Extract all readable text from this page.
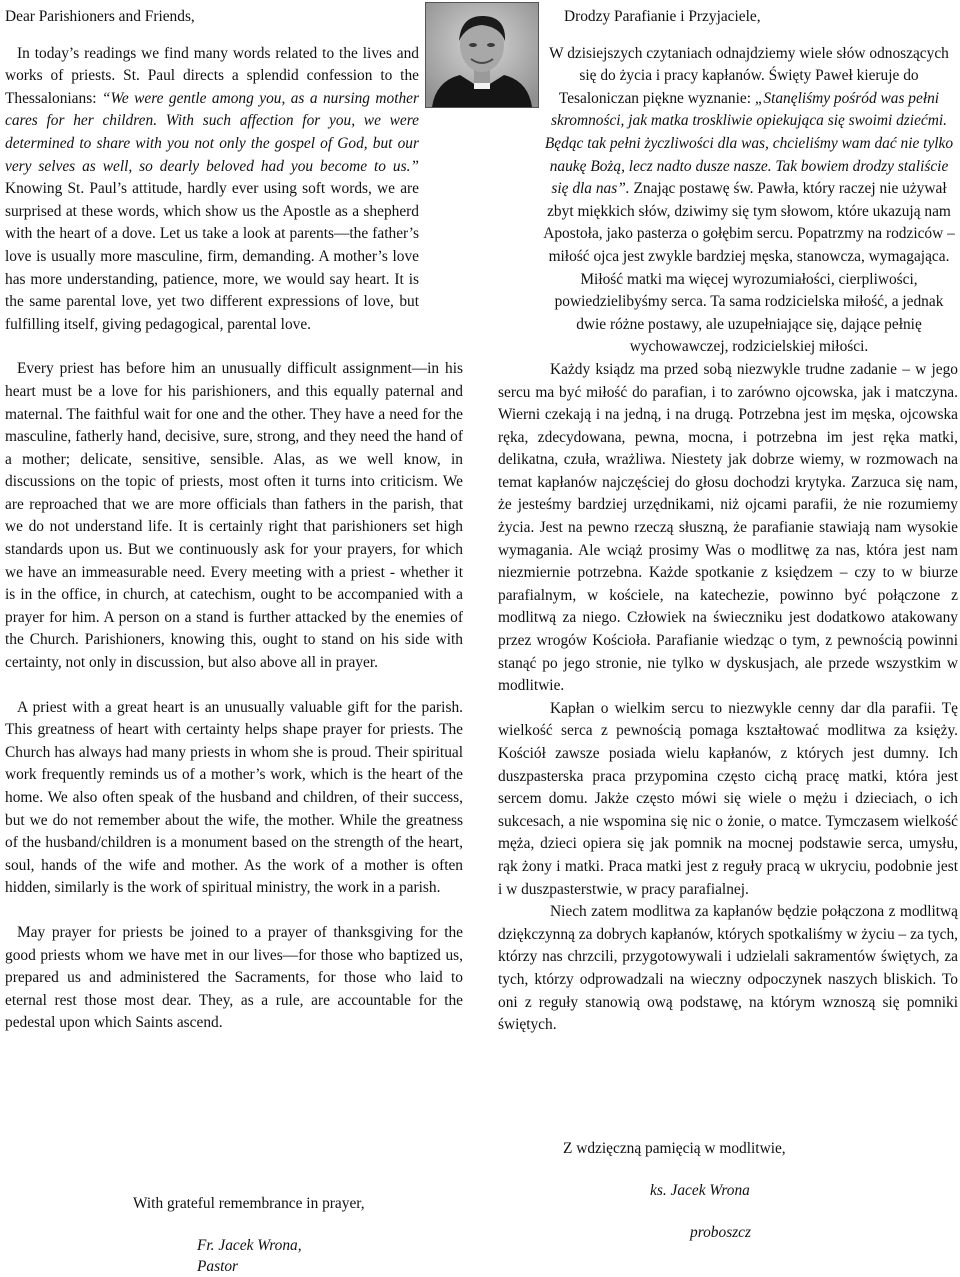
Dear Parishioners and Friends,

In today’s readings we find many words related to the lives and works of priests. St. Paul directs a splendid confession to the Thessalonians: “We were gentle among you, as a nursing mother cares for her children. With such affection for you, we were determined to share with you not only the gospel of God, but our very selves as well, so dearly beloved had you become to us.” Knowing St. Paul’s attitude, hardly ever using soft words, we are surprised at these words, which show us the Apostle as a shepherd with the heart of a dove. Let us take a look at parents—the father’s love is usually more masculine, firm, demanding. A mother’s love has more understanding, patience, more, we would say heart. It is the same parental love, yet two different expressions of love, but fulfilling itself, giving pedagogical, parental love.

Every priest has before him an unusually difficult assignment—in his heart must be a love for his parishioners, and this equally paternal and maternal. The faithful wait for one and the other. They have a need for the masculine, fatherly hand, decisive, sure, strong, and they need the hand of a mother; delicate, sensitive, sensible. Alas, as we well know, in discussions on the topic of priests, most often it turns into criticism. We are reproached that we are more officials than fathers in the parish, that we do not understand life. It is certainly right that parishioners set high standards upon us. But we continuously ask for your prayers, for which we have an immeasurable need. Every meeting with a priest - whether it is in the office, in church, at catechism, ought to be accompanied with a prayer for him. A person on a stand is further attacked by the enemies of the Church. Parishioners, knowing this, ought to stand on his side with certainty, not only in discussion, but also above all in prayer.

A priest with a great heart is an unusually valuable gift for the parish. This greatness of heart with certainty helps shape prayer for priests. The Church has always had many priests in whom she is proud. Their spiritual work frequently reminds us of a mother’s work, which is the heart of the home. We also often speak of the husband and children, of their success, but we do not remember about the wife, the mother. While the greatness of the husband/children is a monument based on the strength of the heart, soul, hands of the wife and mother. As the work of a mother is often hidden, similarly is the work of spiritual ministry, the work in a parish.

May prayer for priests be joined to a prayer of thanksgiving for the good priests whom we have met in our lives—for those who baptized us, prepared us and administered the Sacraments, for those who laid to eternal rest those most dear. They, as a rule, are accountable for the pedestal upon which Saints ascend.

Drodzy Parafianie i Przyjaciele,

W dzisiejszych czytaniach odnajdziemy wiele słów odnoszących się do życia i pracy kapłanów. Święty Paweł kieruje do Tesaloniczan piękne wyznanie: „Stanęliśmy pośród was pełni skromności, jak matka troskliwie opiekująca się swoimi dziećmi. Będąc tak pełni życzliwości dla was, chcieliśmy wam dać nie tylko naukę Bożą, lecz nadto dusze nasze. Tak bowiem drodzy staliście się dla nas”. Znając postawę św. Pawła, który raczej nie używał zbyt miękkich słów, dziwimy się tym słowom, które ukazują nam Apostoła, jako pasterza o gołębim sercu. Popatrzmy na rodziców – miłość ojca jest zwykle bardziej męska, stanowcza, wymagająca. Miłość matki ma więcej wyrozumiałości, cierpliwości, powiedzielibyśmy serca. Ta sama rodzicielska miłość, a jednak dwie różne postawy, ale uzupełniające się, dające pełnię wychowawczej, rodzicielskiej miłości.

Każdy ksiądz ma przed sobą niezwykle trudne zadanie – w jego sercu ma być miłość do parafian, i to zarówno ojcowska, jak i matczyna. Wierni czekają i na jedną, i na drugą. Potrzebna jest im męska, ojcowska ręka, zdecydowana, pewna, mocna, i potrzebna im jest ręka matki, delikatna, czuła, wrażliwa. Niestety jak dobrze wiemy, w rozmowach na temat kapłanów najczęściej do głosu dochodzi krytyka. Zarzuca się nam, że jesteśmy bardziej urzędnikami, niż ojcami parafii, że nie rozumiemy życia. Jest na pewno rzeczą słuszną, że parafianie stawiają nam wysokie wymagania. Ale wciąż prosimy Was o modlitwę za nas, która jest nam niezmiernie potrzebna. Każde spotkanie z księdzem – czy to w biurze parafialnym, w kościele, na katechezie, powinno być połączone z modlitwą za niego. Człowiek na świeczniku jest dodatkowo atakowany przez wrogów Kościoła. Parafianie wiedząc o tym, z pewnością powinni stanąć po jego stronie, nie tylko w dyskusjach, ale przede wszystkim w modlitwie.

Kapłan o wielkim sercu to niezwykle cenny dar dla parafii. Tę wielkość serca z pewnością pomaga kształtować modlitwa za księży. Kościół zawsze posiada wielu kapłanów, z których jest dumny. Ich duszpasterska praca przypomina często cichą pracę matki, która jest sercem domu. Jakże często mówi się wiele o mężu i dzieciach, o ich sukcesach, a nie wspomina się nic o żonie, o matce. Tymczasem wielkość męża, dzieci opiera się jak pomnik na mocnej podstawie serca, umysłu, rąk żony i matki. Praca matki jest z reguły pracą w ukryciu, podobnie jest i w duszpasterstwie, w pracy parafialnej.

Niech zatem modlitwa za kapłanów będzie połączona z modlitwą dziękczynną za dobrych kapłanów, których spotkaliśmy w życiu – za tych, którzy nas chrzcili, przygotowywali i udzielali sakramentów świętych, za tych, którzy odprowadzali na wieczny odpoczynek naszych bliskich. To oni z reguły stanowią ową podstawę, na którym wznoszą się pomniki świętych.

With grateful remembrance in prayer,
Fr. Jacek Wrona,
Pastor
Z wdzięczną pamięcią w modlitwie,
ks. Jacek Wrona
proboszcz
